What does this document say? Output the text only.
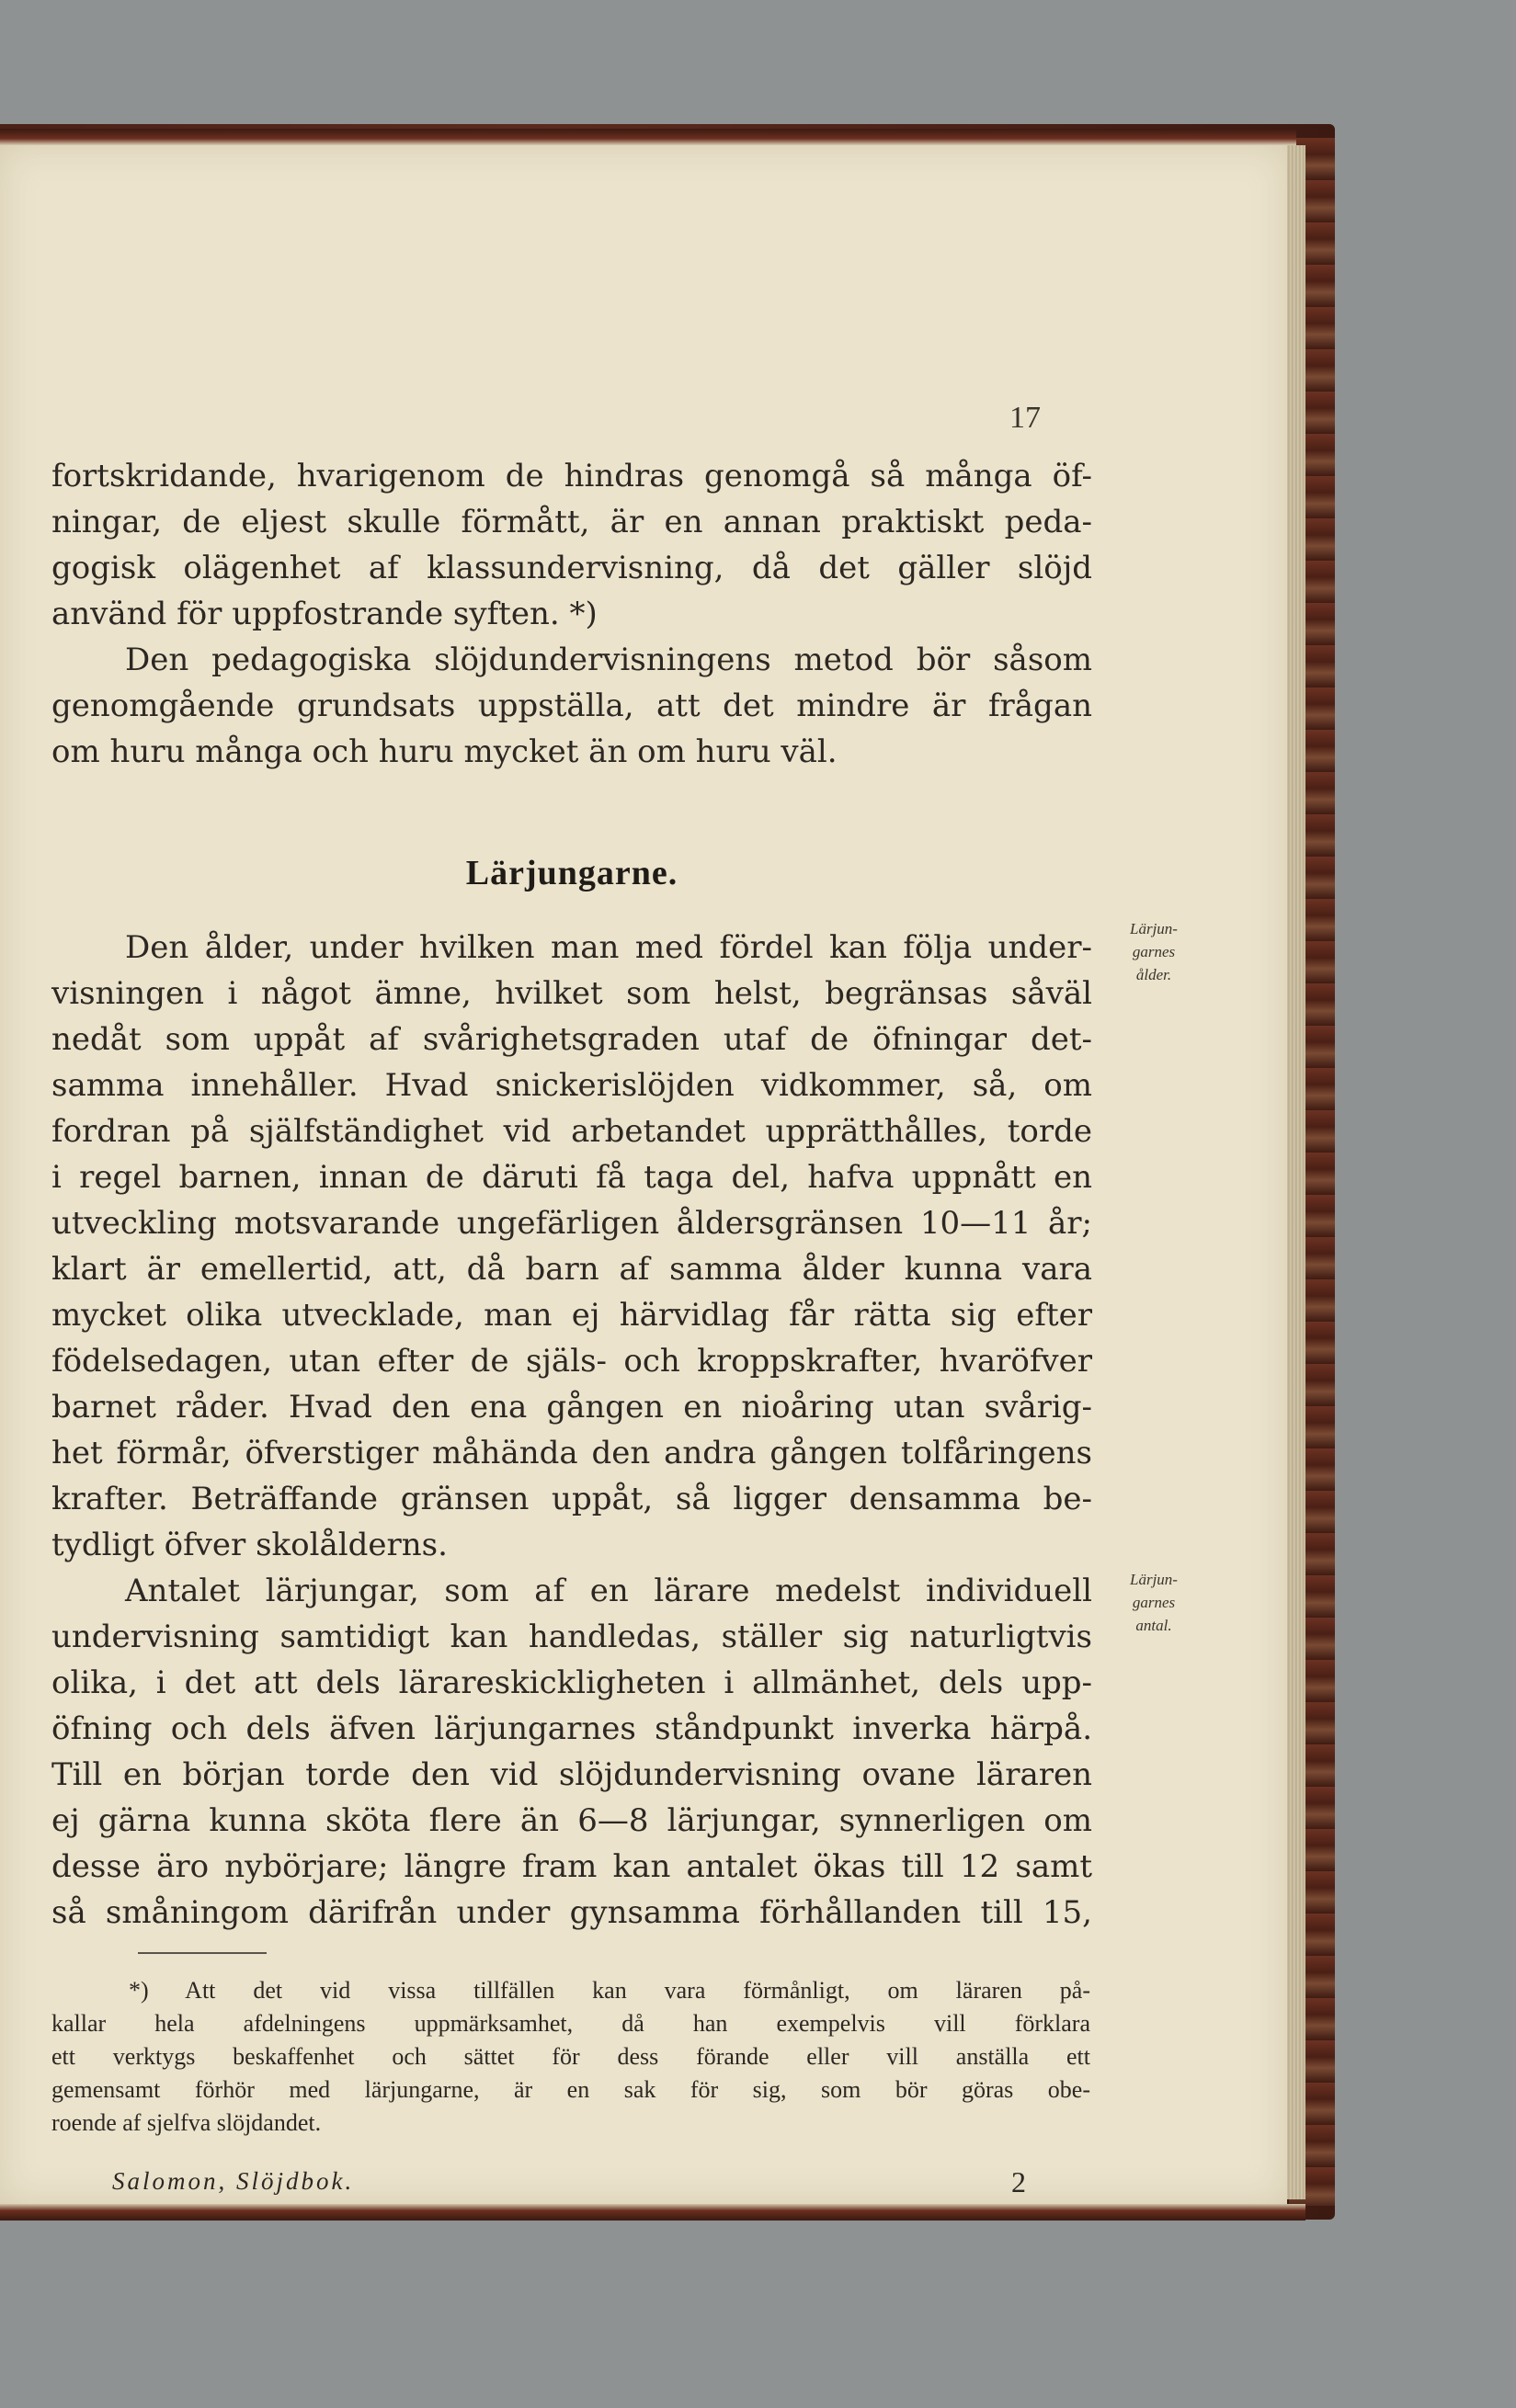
17
fortskridande, hvarigenom de hindras genomgå så många öf-
ningar, de eljest skulle förmått, är en annan praktiskt peda-
gogisk olägenhet af klassundervisning, då det gäller slöjd
använd för uppfostrande syften. *)
Den pedagogiska slöjdundervisningens metod bör såsom
genomgående grundsats uppställa, att det mindre är frågan
om huru många och huru mycket än om huru väl.
Lärjungarne.
Den ålder, under hvilken man med fördel kan följa under-
visningen i något ämne, hvilket som helst, begränsas såväl
nedåt som uppåt af svårighetsgraden utaf de öfningar det-
samma innehåller. Hvad snickerislöjden vidkommer, så, om
fordran på själfständighet vid arbetandet upprätthålles, torde
i regel barnen, innan de däruti få taga del, hafva uppnått en
utveckling motsvarande ungefärligen åldersgränsen 10—11 år;
klart är emellertid, att, då barn af samma ålder kunna vara
mycket olika utvecklade, man ej härvidlag får rätta sig efter
födelsedagen, utan efter de själs- och kroppskrafter, hvaröfver
barnet råder. Hvad den ena gången en nioåring utan svårig-
het förmår, öfverstiger måhända den andra gången tolfåringens
krafter. Beträffande gränsen uppåt, så ligger densamma be-
tydligt öfver skolålderns.
Antalet lärjungar, som af en lärare medelst individuell
undervisning samtidigt kan handledas, ställer sig naturligtvis
olika, i det att dels lärareskickligheten i allmänhet, dels upp-
öfning och dels äfven lärjungarnes ståndpunkt inverka härpå.
Till en början torde den vid slöjdundervisning ovane läraren
ej gärna kunna sköta flere än 6—8 lärjungar, synnerligen om
desse äro nybörjare; längre fram kan antalet ökas till 12 samt
så småningom därifrån under gynsamma förhållanden till 15,
Lärjun-
garnes
ålder.
Lärjun-
garnes
antal.
*) Att det vid vissa tillfällen kan vara förmånligt, om läraren på-
kallar hela afdelningens uppmärksamhet, då han exempelvis vill förklara
ett verktygs beskaffenhet och sättet för dess förande eller vill anställa ett
gemensamt förhör med lärjungarne, är en sak för sig, som bör göras obe-
roende af sjelfva slöjdandet.
Salomon, Slöjdbok.	2
